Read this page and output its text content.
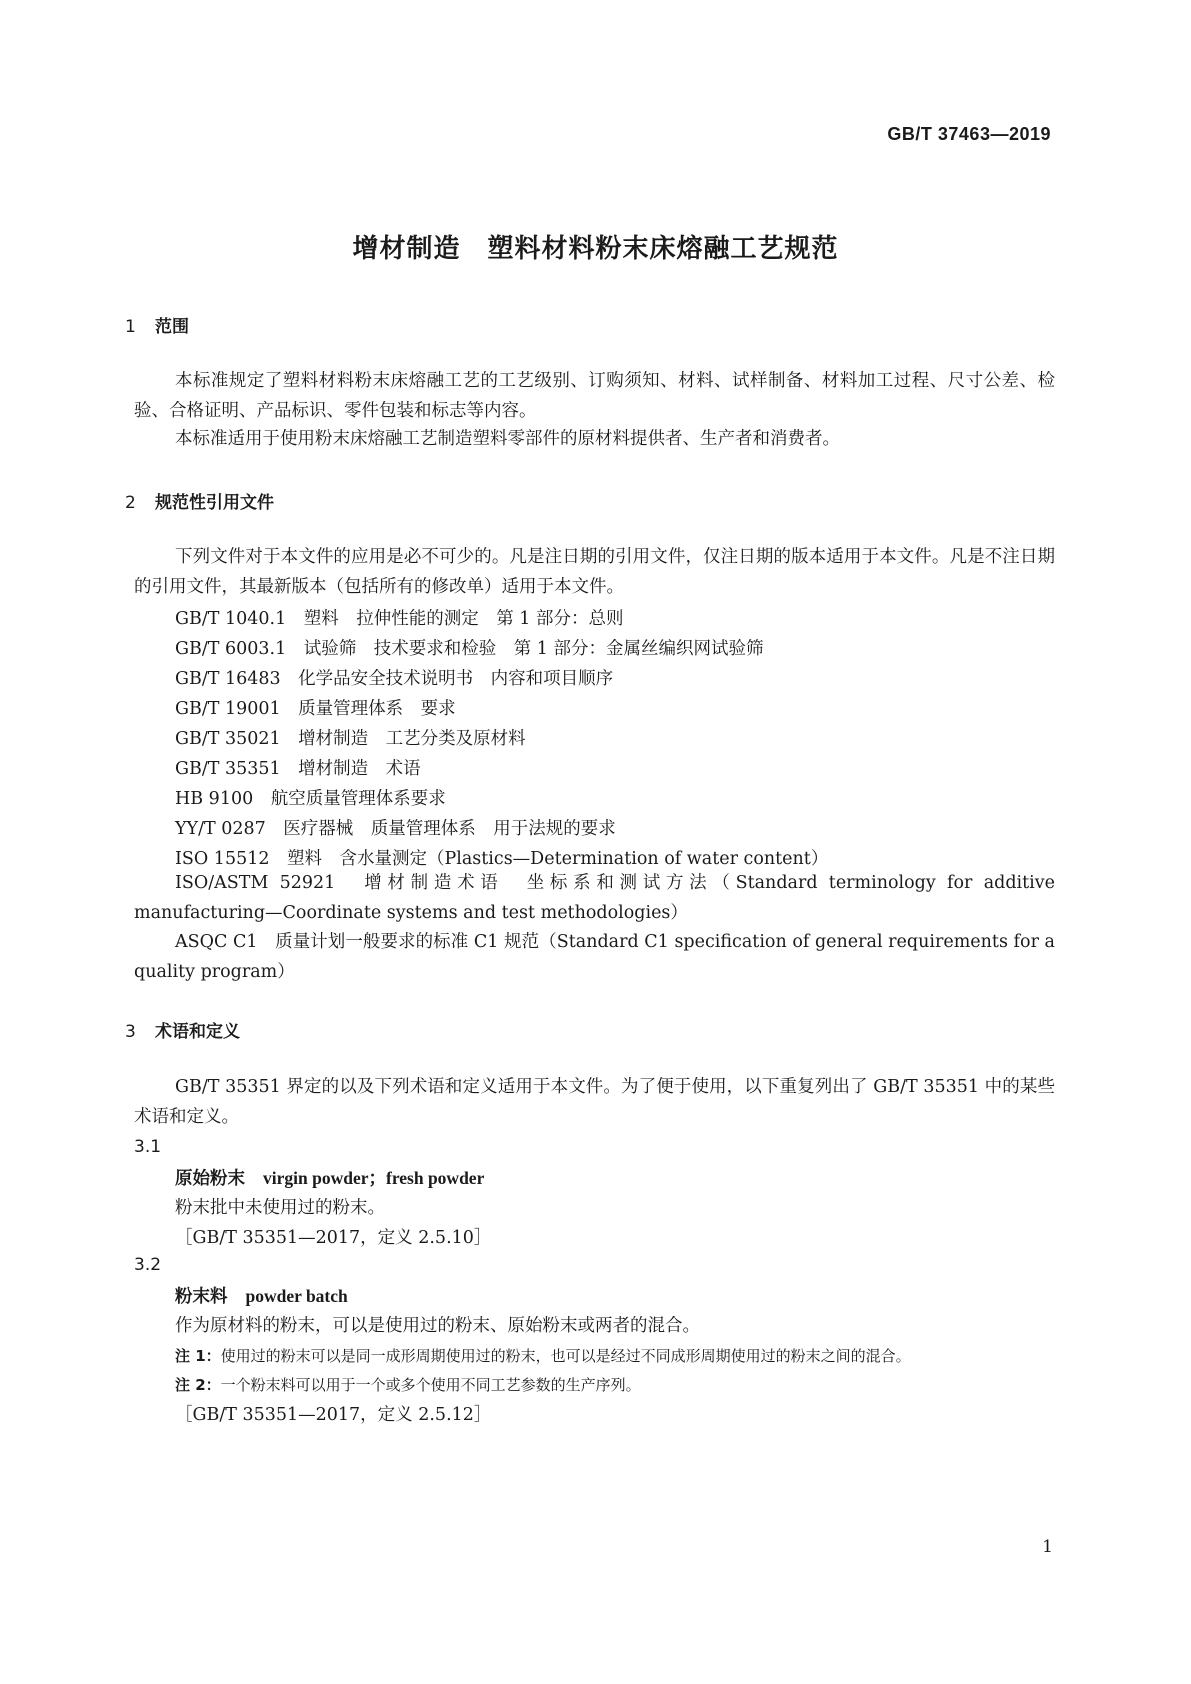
GB/T 37463—2019
增材制造　塑料材料粉末床熔融工艺规范
1 范围
本标准规定了塑料材料粉末床熔融工艺的工艺级别、订购须知、材料、试样制备、材料加工过程、尺寸公差、检验、合格证明、产品标识、零件包装和标志等内容。
本标准适用于使用粉末床熔融工艺制造塑料零部件的原材料提供者、生产者和消费者。
2 规范性引用文件
下列文件对于本文件的应用是必不可少的。凡是注日期的引用文件，仅注日期的版本适用于本文件。凡是不注日期的引用文件，其最新版本（包括所有的修改单）适用于本文件。
GB/T 1040.1　塑料　拉伸性能的测定　第 1 部分：总则
GB/T 6003.1　试验筛　技术要求和检验　第 1 部分：金属丝编织网试验筛
GB/T 16483　化学品安全技术说明书　内容和项目顺序
GB/T 19001　质量管理体系　要求
GB/T 35021　增材制造　工艺分类及原材料
GB/T 35351　增材制造　术语
HB 9100　航空质量管理体系要求
YY/T 0287　医疗器械　质量管理体系　用于法规的要求
ISO 15512　塑料　含水量测定（Plastics—Determination of water content）
ISO/ASTM 52921　增材制造术语　坐标系和测试方法（Standard terminology for additive manufacturing—Coordinate systems and test methodologies）
ASQC C1　质量计划一般要求的标准 C1 规范（Standard C1 specification of general requirements for a quality program）
3 术语和定义
GB/T 35351 界定的以及下列术语和定义适用于本文件。为了便于使用，以下重复列出了 GB/T 35351 中的某些术语和定义。
3.1
原始粉末 virgin powder；fresh powder
粉末批中未使用过的粉末。
［GB/T 35351—2017，定义 2.5.10］
3.2
粉末料 powder batch
作为原材料的粉末，可以是使用过的粉末、原始粉末或两者的混合。
注 1：使用过的粉末可以是同一成形周期使用过的粉末，也可以是经过不同成形周期使用过的粉末之间的混合。
注 2：一个粉末料可以用于一个或多个使用不同工艺参数的生产序列。
［GB/T 35351—2017，定义 2.5.12］
1
